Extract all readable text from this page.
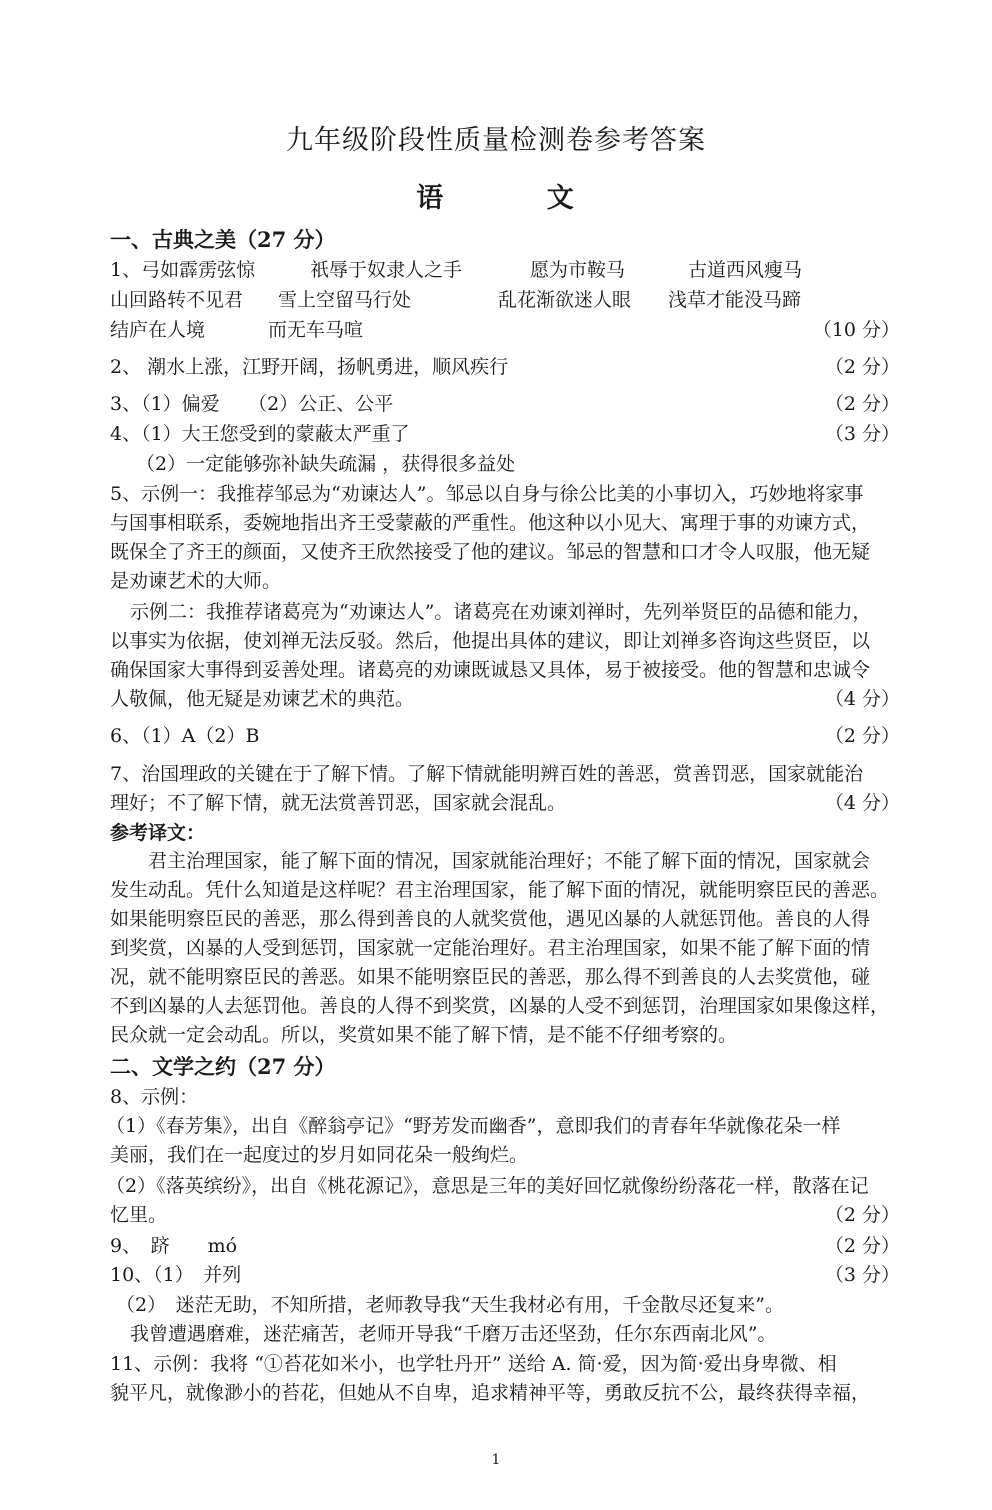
九年级阶段性质量检测卷参考答案
语 文
一、古典之美（27 分）
1、弓如霹雳弦惊	祇辱于奴隶人之手	愿为市鞍马	古道西风瘦马
山回路转不见君 雪上空留马行处	乱花渐欲迷人眼 浅草才能没马蹄
结庐在人境	而无车马喧	（10 分）
2、 潮水上涨，江野开阔，扬帆勇进，顺风疾行	（2 分）
3、（1）偏爱　　（2）公正、公平	（2 分）
4、（1）大王您受到的蒙蔽太严重了	（3 分）
（2）一定能够弥补缺失疏漏 ，获得很多益处
5、示例一：我推荐邹忌为“劝谏达人”。邹忌以自身与徐公比美的小事切入，巧妙地将家事
与国事相联系，委婉地指出齐王受蒙蔽的严重性。他这种以小见大、寓理于事的劝谏方式，
既保全了齐王的颜面，又使齐王欣然接受了他的建议。邹忌的智慧和口才令人叹服，他无疑
是劝谏艺术的大师。
示例二：我推荐诸葛亮为“劝谏达人”。诸葛亮在劝谏刘禅时，先列举贤臣的品德和能力，
以事实为依据，使刘禅无法反驳。然后，他提出具体的建议，即让刘禅多咨询这些贤臣，以
确保国家大事得到妥善处理。诸葛亮的劝谏既诚恳又具体，易于被接受。他的智慧和忠诚令
人敬佩，他无疑是劝谏艺术的典范。	（4 分）
6、（1）A（2）B	（2 分）
7、治国理政的关键在于了解下情。了解下情就能明辨百姓的善恶，赏善罚恶，国家就能治
理好；不了解下情，就无法赏善罚恶，国家就会混乱。	（4 分）
参考译文：
君主治理国家，能了解下面的情况，国家就能治理好；不能了解下面的情况，国家就会
发生动乱。凭什么知道是这样呢？君主治理国家，能了解下面的情况，就能明察臣民的善恶。
如果能明察臣民的善恶，那么得到善良的人就奖赏他，遇见凶暴的人就惩罚他。善良的人得
到奖赏，凶暴的人受到惩罚，国家就一定能治理好。君主治理国家，如果不能了解下面的情
况，就不能明察臣民的善恶。如果不能明察臣民的善恶，那么得不到善良的人去奖赏他，碰
不到凶暴的人去惩罚他。善良的人得不到奖赏，凶暴的人受不到惩罚，治理国家如果像这样，
民众就一定会动乱。所以，奖赏如果不能了解下情，是不能不仔细考察的。
二、文学之约（27 分）
8、示例：
（1）《春芳集》，出自《醉翁亭记》“野芳发而幽香”，意即我们的青春年华就像花朵一样
美丽，我们在一起度过的岁月如同花朵一般绚烂。
（2）《落英缤纷》，出自《桃花源记》，意思是三年的美好回忆就像纷纷落花一样，散落在记
忆里。	（2 分）
9、　跻　　mó	（2 分）
10、（1）　并列	（3 分）
（2）　迷茫无助，不知所措，老师教导我“天生我材必有用，千金散尽还复来”。
我曾遭遇磨难，迷茫痛苦，老师开导我“千磨万击还坚劲，任尔东西南北风”。
11、示例：我将 “①苔花如米小，也学牡丹开” 送给 A. 简·爱，因为简·爱出身卑微、相
貌平凡，就像渺小的苔花，但她从不自卑，追求精神平等，勇敢反抗不公，最终获得幸福，
1
